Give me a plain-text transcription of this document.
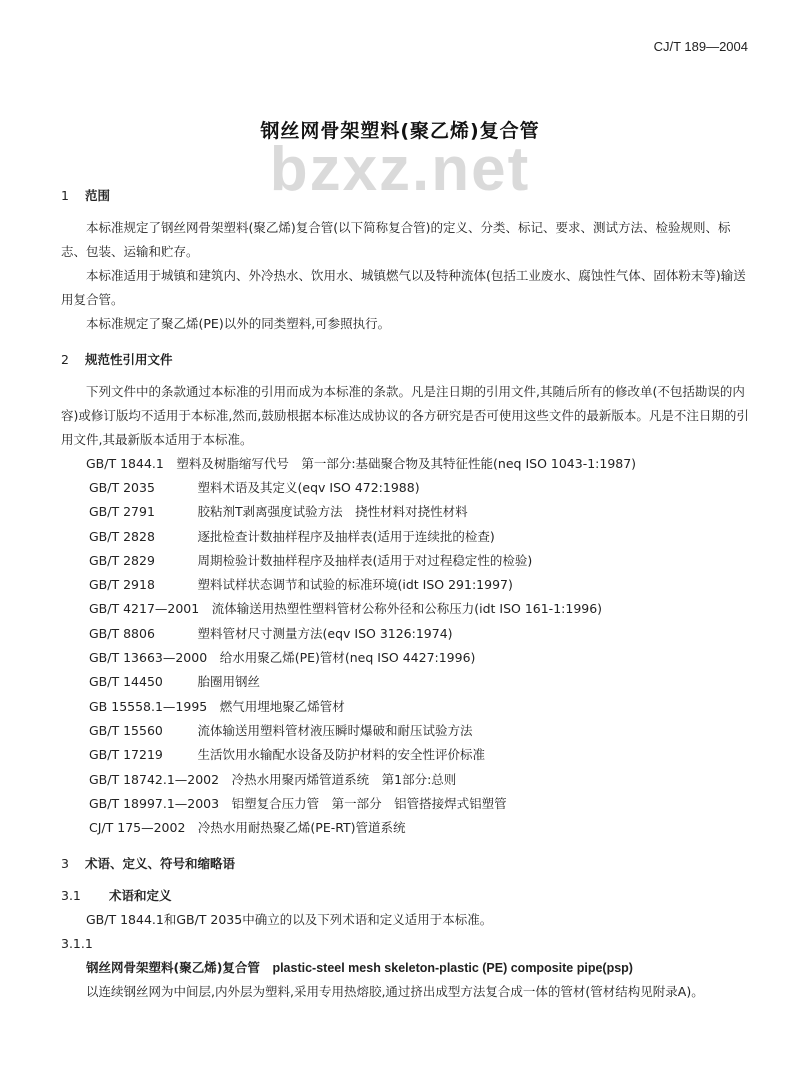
CJ/T 189—2004
bzxz.net
钢丝网骨架塑料(聚乙烯)复合管
1 范围
本标准规定了钢丝网骨架塑料(聚乙烯)复合管(以下简称复合管)的定义、分类、标记、要求、测试方法、检验规则、标志、包装、运输和贮存。
本标准适用于城镇和建筑内、外冷热水、饮用水、城镇燃气以及特种流体(包括工业废水、腐蚀性气体、固体粉末等)输送用复合管。
本标准规定了聚乙烯(PE)以外的同类塑料,可参照执行。
2 规范性引用文件
下列文件中的条款通过本标准的引用而成为本标准的条款。凡是注日期的引用文件,其随后所有的修改单(不包括勘误的内容)或修订版均不适用于本标准,然而,鼓励根据本标准达成协议的各方研究是否可使用这些文件的最新版本。凡是不注日期的引用文件,其最新版本适用于本标准。
GB/T 1844.1　 塑料及树脂缩写代号　第一部分:基础聚合物及其特征性能(neq ISO 1043-1:1987)
GB/T 2035　	塑料术语及其定义(eqv ISO 472:1988)
GB/T 2791　	胶粘剂T剥离强度试验方法　挠性材料对挠性材料
GB/T 2828　	逐批检查计数抽样程序及抽样表(适用于连续批的检查)
GB/T 2829　	周期检验计数抽样程序及抽样表(适用于对过程稳定性的检验)
GB/T 2918　	塑料试样状态调节和试验的标准环境(idt ISO 291:1997)
GB/T 4217—2001　 流体输送用热塑性塑料管材公称外径和公称压力(idt ISO 161-1:1996)
GB/T 8806　	塑料管材尺寸测量方法(eqv ISO 3126:1974)
GB/T 13663—2000　 给水用聚乙烯(PE)管材(neq ISO 4427:1996)
GB/T 14450　	胎圈用钢丝
GB 15558.1—1995　 燃气用埋地聚乙烯管材
GB/T 15560　	流体输送用塑料管材液压瞬时爆破和耐压试验方法
GB/T 17219　	生活饮用水输配水设备及防护材料的安全性评价标准
GB/T 18742.1—2002　 冷热水用聚丙烯管道系统　第1部分:总则
GB/T 18997.1—2003　 铝塑复合压力管　第一部分　铝管搭接焊式铝塑管
CJ/T 175—2002　 冷热水用耐热聚乙烯(PE-RT)管道系统
3 术语、定义、符号和缩略语
3.1 术语和定义
GB/T 1844.1和GB/T 2035中确立的以及下列术语和定义适用于本标准。
3.1.1
钢丝网骨架塑料(聚乙烯)复合管　 plastic-steel mesh skeleton-plastic (PE) composite pipe(psp)
以连续钢丝网为中间层,内外层为塑料,采用专用热熔胶,通过挤出成型方法复合成一体的管材(管材结构见附录A)。
